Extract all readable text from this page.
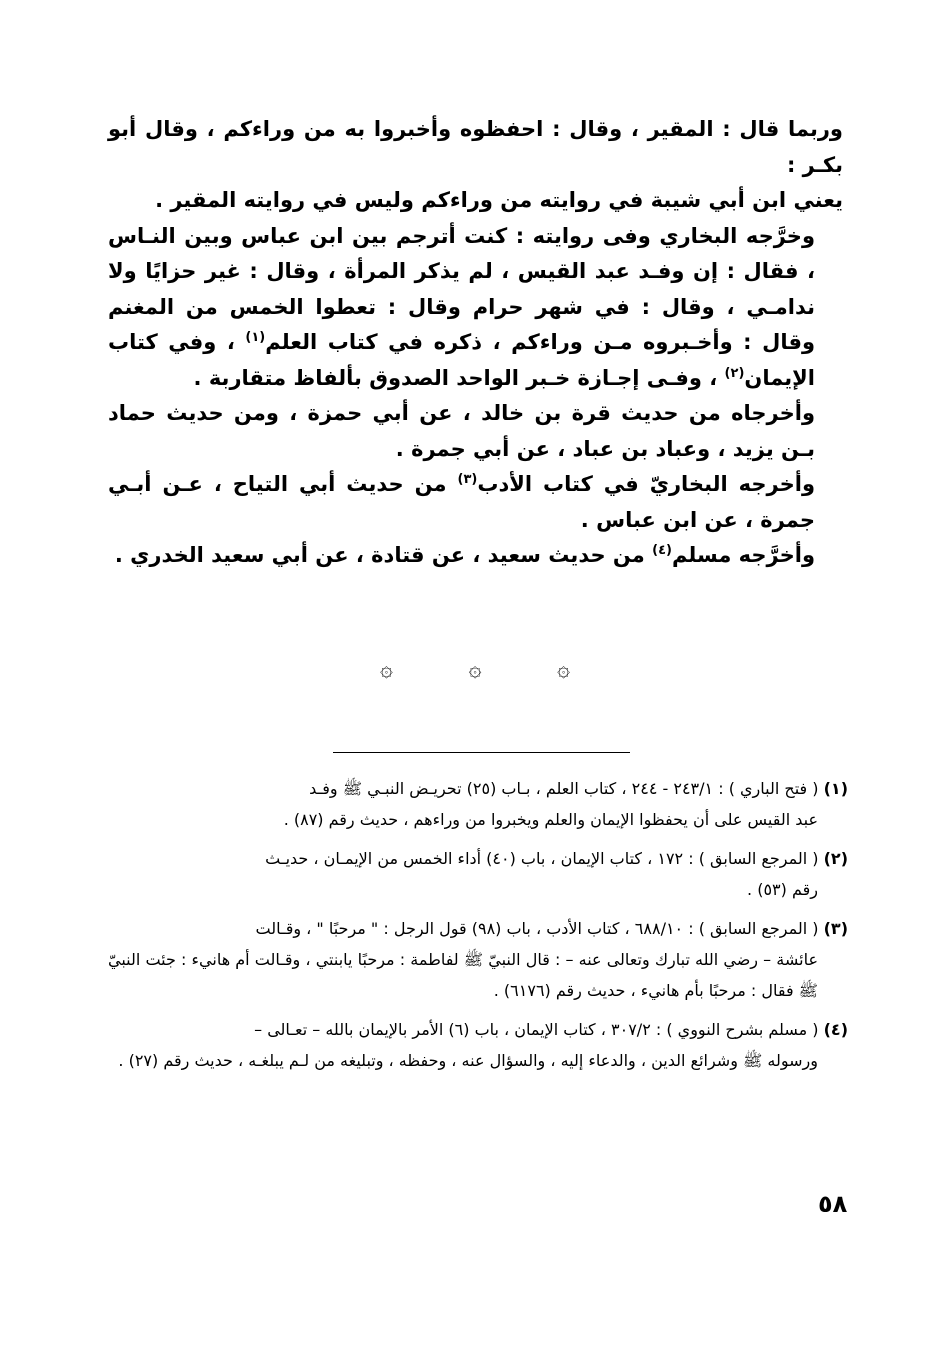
وربما قال : المقير ، وقال : احفظوه وأخبروا به من وراءكم ، وقال أبو بكـر :
يعني ابن أبي شيبة في روايته من وراءكم وليس في روايته المقير .

وخرَّجه البخاري وفى روايته : كنت أترجم بين ابن عباس وبين النـاس ، فقال : إن وفـد عبد القيس ، لم يذكر المرأة ، وقال : غير حزايًا ولا ندامـي ، وقال : في شهر حرام وقال : تعطوا الخمس من المغنم وقال : وأخـبروه مـن وراءكم ، ذكره في كتاب العلم$^{(١)}$ ، وفي كتاب الإيمان$^{(٢)}$ ، وفـى إجـازة خـبر الواحد الصدوق بألفاظ متقاربة .

وأخرجاه من حديث قرة بن خالد ، عن أبي حمزة ، ومن حديث حماد بـن يزيد ، وعباد بن عباد ، عن أبي جمرة .

وأخرجه البخاريّ في كتاب الأدب$^{(٣)}$ من حديث أبي التياح ، عـن أبـي جمرة ، عن ابن عباس .

وأخرَّجه مسلم$^{(٤)}$ من حديث سعيد ، عن قتادة ، عن أبي سعيد الخدري .

۞
۞
۞
(١) ( فتح الباري ) : ٢٤٣/١ - ٢٤٤ ، كتاب العلم ، بـاب (٢٥) تحريـض النبـي ﷺ وفـد
عبد القيس على أن يحفظوا الإيمان والعلم ويخبروا من وراءهم ، حديث رقم (٨٧) .
(٢) ( المرجع السابق ) : ١٧٢ ، كتاب الإيمان ، باب (٤٠) أداء الخمس من الإيمـان ، حديـث
رقم (٥٣) .
(٣) ( المرجع السابق ) : ٦٨٨/١٠ ، كتاب الأدب ، باب (٩٨) قول الرجل : " مرحبًا " ، وقـالت
عائشة – رضي الله تبارك وتعالى عنه – : قال النبيّ ﷺ لفاطمة : مرحبًا يابنتي ، وقـالت أم هانيء : جئت النبيّ ﷺ فقال : مرحبًا بأم هانيء ، حديث رقم (٦١٧٦) .
(٤) ( مسلم بشرح النووي ) : ٣٠٧/٢ ، كتاب الإيمان ، باب (٦) الأمر بالإيمان بالله – تعـالى –
ورسوله ﷺ وشرائع الدين ، والدعاء إليه ، والسؤال عنه ، وحفظه ، وتبليغه من لـم يبلغـه ، حديث رقم (٢٧) .
٥٨
